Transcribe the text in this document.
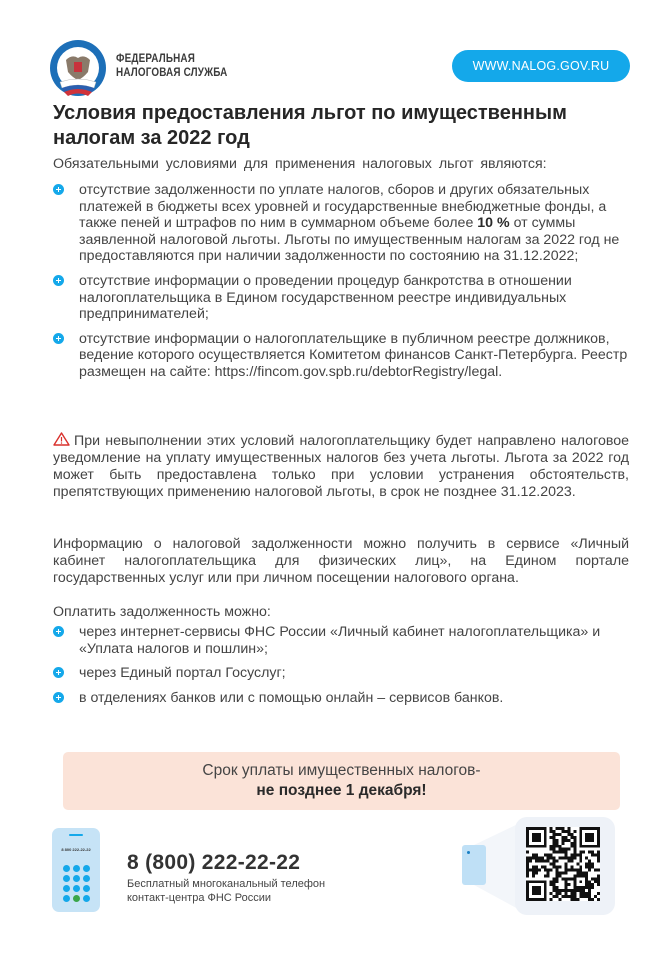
ФЕДЕРАЛЬНАЯ
НАЛОГОВАЯ СЛУЖБА	WWW.NALOG.GOV.RU
Условия предоставления льгот по имущественным налогам за 2022 год
Обязательными условиями для применения налоговых льгот являются:
отсутствие задолженности по уплате налогов, сборов и других обязательных платежей в бюджеты всех уровней и государственные внебюджетные фонды, а также пеней и штрафов по ним в суммарном объеме более 10 % от суммы заявленной налоговой льготы. Льготы по имущественным налогам за 2022 год не предоставляются при наличии задолженности по состоянию на 31.12.2022;
отсутствие информации о проведении процедур банкротства в отношении налогоплательщика в Едином государственном реестре индивидуальных предпринимателей;
отсутствие информации о налогоплательщике в публичном реестре должников, ведение которого осуществляется Комитетом финансов Санкт-Петербурга. Реестр размещен на сайте: https://fincom.gov.spb.ru/debtorRegistry/legal.
При невыполнении этих условий налогоплательщику будет направлено налоговое уведомление на уплату имущественных налогов без учета льготы. Льгота за 2022 год может быть предоставлена только при условии устранения обстоятельств, препятствующих применению налоговой льготы, в срок не позднее 31.12.2023.
Информацию о налоговой задолженности можно получить в сервисе «Личный кабинет налогоплательщика для физических лиц», на Едином портале государственных услуг или при личном посещении налогового органа.
Оплатить задолженность можно:
через интернет-сервисы ФНС России «Личный кабинет налогоплательщика» и «Уплата налогов и пошлин»;
через Единый портал Госуслуг;
в отделениях банков или с помощью онлайн – сервисов банков.
Срок уплаты имущественных налогов-
не позднее 1 декабря!
8 800 222-22-22
8 (800) 222-22-22
Бесплатный многоканальный телефон
контакт-центра ФНС России
